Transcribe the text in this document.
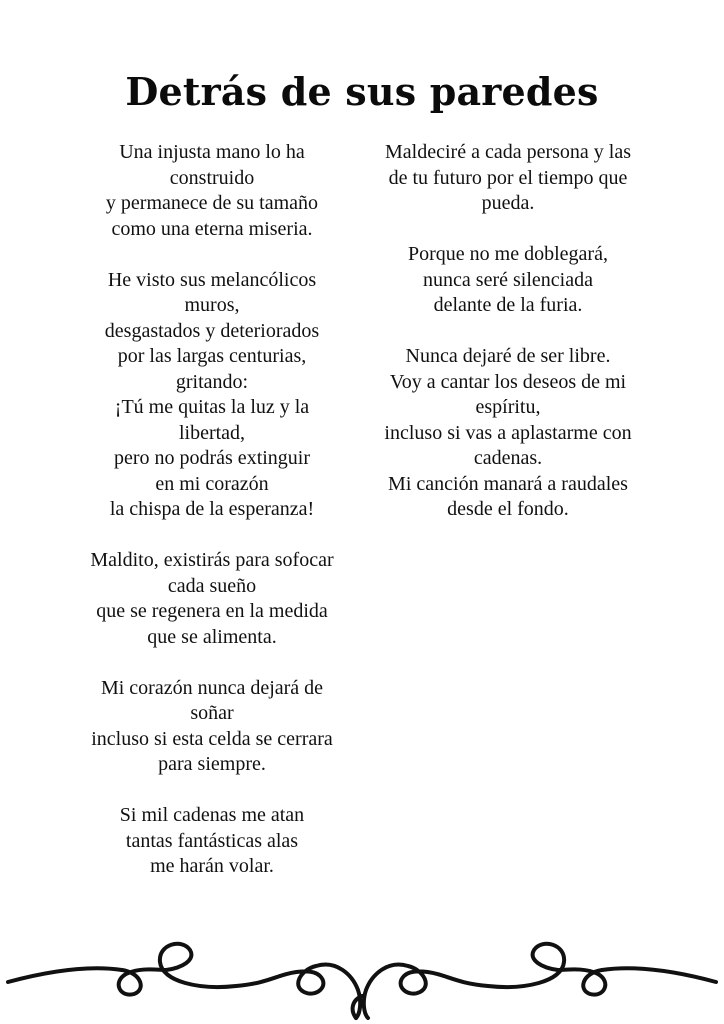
Detrás de sus paredes
Una injusta mano lo ha
construido
y permanece de su tamaño
como una eterna miseria.
He visto sus melancólicos
muros,
desgastados y deteriorados
por las largas centurias,
gritando:
¡Tú me quitas la luz y la
libertad,
pero no podrás extinguir
en mi corazón
la chispa de la esperanza!
Maldito, existirás para sofocar
cada sueño
que se regenera en la medida
que se alimenta.
Mi corazón nunca dejará de
soñar
incluso si esta celda se cerrara
para siempre.
Si mil cadenas me atan
tantas fantásticas alas
me harán volar.
Maldeciré a cada persona y las
de tu futuro por el tiempo que
pueda.
Porque no me doblegará,
nunca seré silenciada
delante de la furia.
Nunca dejaré de ser libre.
Voy a cantar los deseos de mi
espíritu,
incluso si vas a aplastarme con
cadenas.
Mi canción manará a raudales
desde el fondo.
